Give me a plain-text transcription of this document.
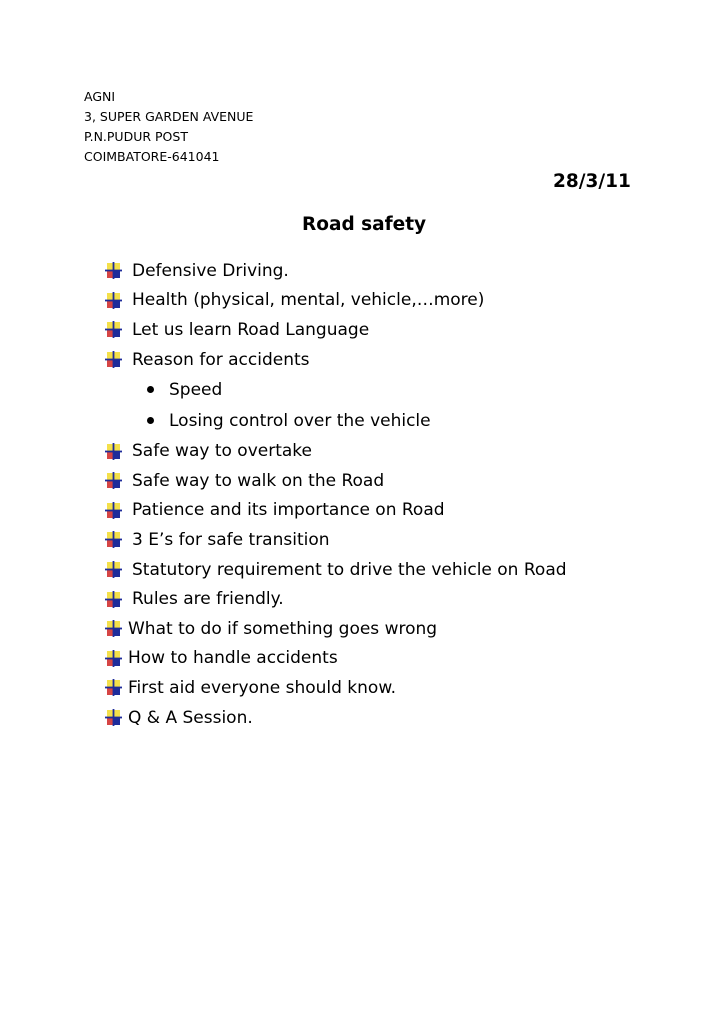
AGNI
3, SUPER GARDEN AVENUE
P.N.PUDUR POST
COIMBATORE-641041
28/3/11
Road safety
Defensive Driving.
Health (physical, mental, vehicle,…more)
Let us learn Road Language
Reason for accidents
Speed
Losing control over the vehicle
Safe way to overtake
Safe way to walk on the Road
Patience and its importance on Road
3 E’s for safe transition
Statutory requirement to drive the vehicle on Road
Rules are friendly.
What to do if something goes wrong
How to handle accidents
First aid everyone should know.
Q & A Session.
